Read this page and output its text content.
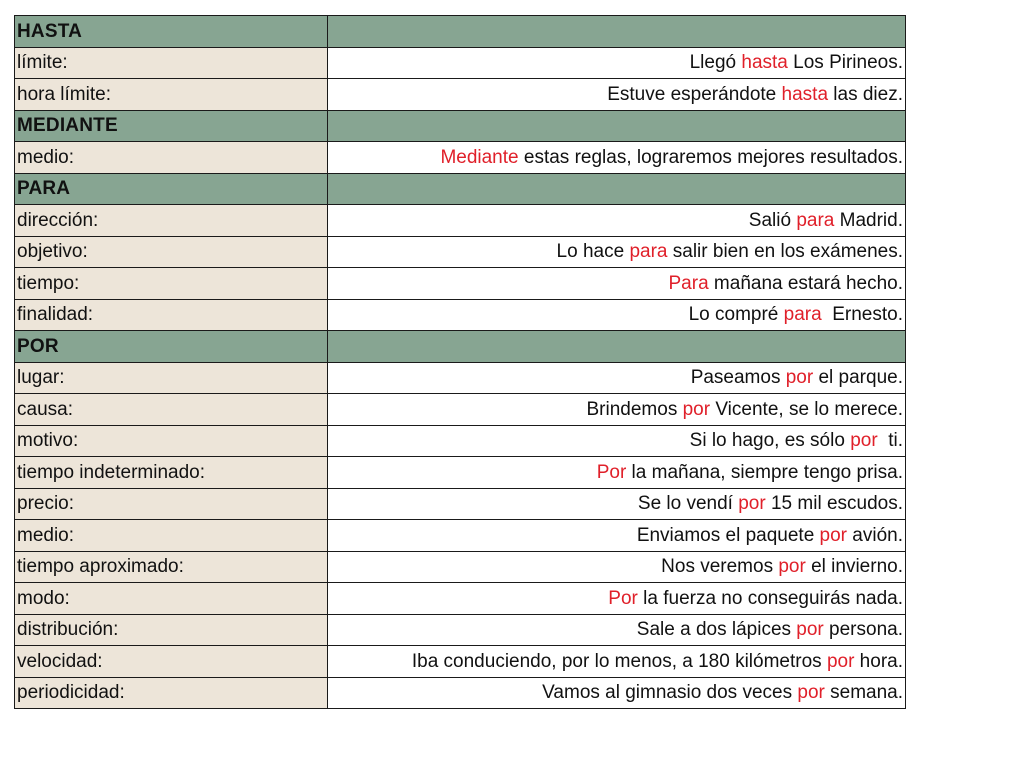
HASTA	
límite:	Llegó hasta Los Pirineos.
hora límite:	Estuve esperándote hasta las diez.
MEDIANTE	
medio:	Mediante estas reglas, lograremos mejores resultados.
PARA	
dirección:	Salió para Madrid.
objetivo:	Lo hace para salir bien en los exámenes.
tiempo:	Para mañana estará hecho.
finalidad:	Lo compré para  Ernesto.
POR	
lugar:	Paseamos por el parque.
causa:	Brindemos por Vicente, se lo merece.
motivo:	Si lo hago, es sólo por  ti.
tiempo indeterminado:	Por la mañana, siempre tengo prisa.
precio:	Se lo vendí por 15 mil escudos.
medio:	Enviamos el paquete por avión.
tiempo aproximado:	Nos veremos por el invierno.
modo:	Por la fuerza no conseguirás nada.
distribución:	Sale a dos lápices por persona.
velocidad:	Iba conduciendo, por lo menos, a 180 kilómetros por hora.
periodicidad:	Vamos al gimnasio dos veces por semana.
